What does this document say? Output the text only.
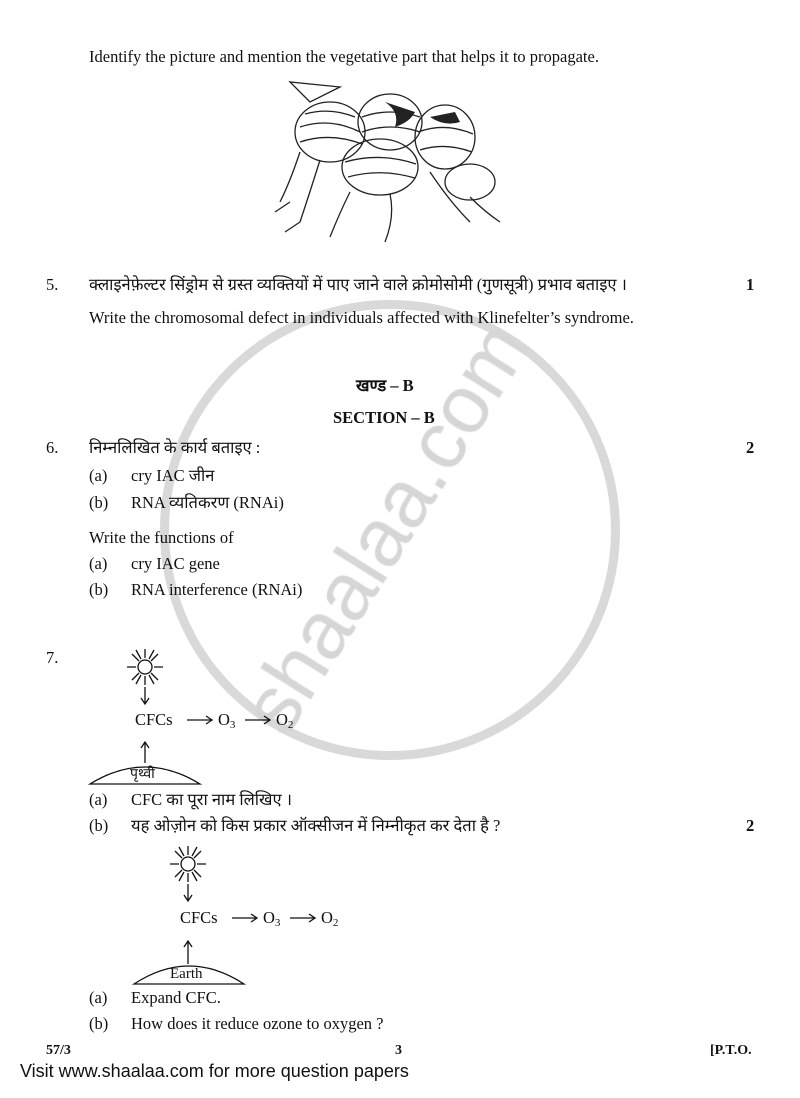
Identify the picture and mention the vegetative part that helps it to propagate.
5. क्लाइनेफ़ेल्टर सिंड्रोम से ग्रस्त व्यक्तियों में पाए जाने वाले क्रोमोसोमी (गुणसूत्री) प्रभाव बताइए ।	1
Write the chromosomal defect in individuals affected with Klinefelter’s syndrome.
खण्ड – B
SECTION – B
6. निम्नलिखित के कार्य बताइए :	2
(a) cry IAC जीन
(b) RNA व्यतिकरण (RNAi)
Write the functions of
(a) cry IAC gene
(b) RNA interference (RNAi)
7.
CFCs	$O_3$ $O_2$
पृथ्वी
(a) CFC का पूरा नाम लिखिए ।
(b) यह ओज़ोन को किस प्रकार ऑक्सीजन में निम्नीकृत कर देता है ?	2
CFCs	$O_3$ $O_2$
Earth
(a) Expand CFC.
(b) How does it reduce ozone to oxygen ?
57/3	3	[P.T.O.
Visit www.shaalaa.com for more question papers
